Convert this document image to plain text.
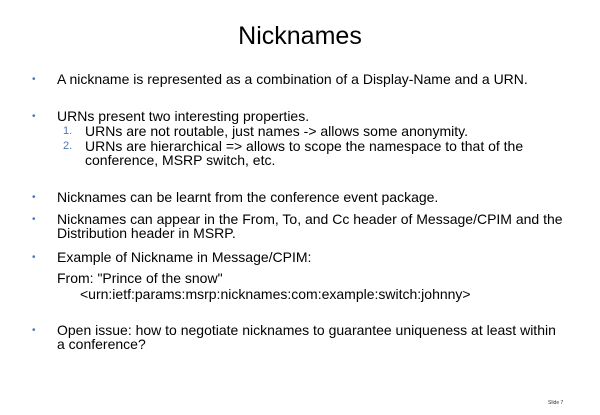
Nicknames
• A nickname is represented as a combination of a Display-Name and a URN.
• URNs present two interesting properties.
1. URNs are not routable, just names -> allows some anonymity.
2. URNs are hierarchical => allows to scope the namespace to that of the conference, MSRP switch, etc.
• Nicknames can be learnt from the conference event package.
• Nicknames can appear in the From, To, and Cc header of Message/CPIM and the Distribution header in MSRP.
• Example of Nickname in Message/CPIM:
From: "Prince of the snow"
<urn:ietf:params:msrp:nicknames:com:example:switch:johnny>
• Open issue: how to negotiate nicknames to guarantee uniqueness at least within a conference?
Slide 7
